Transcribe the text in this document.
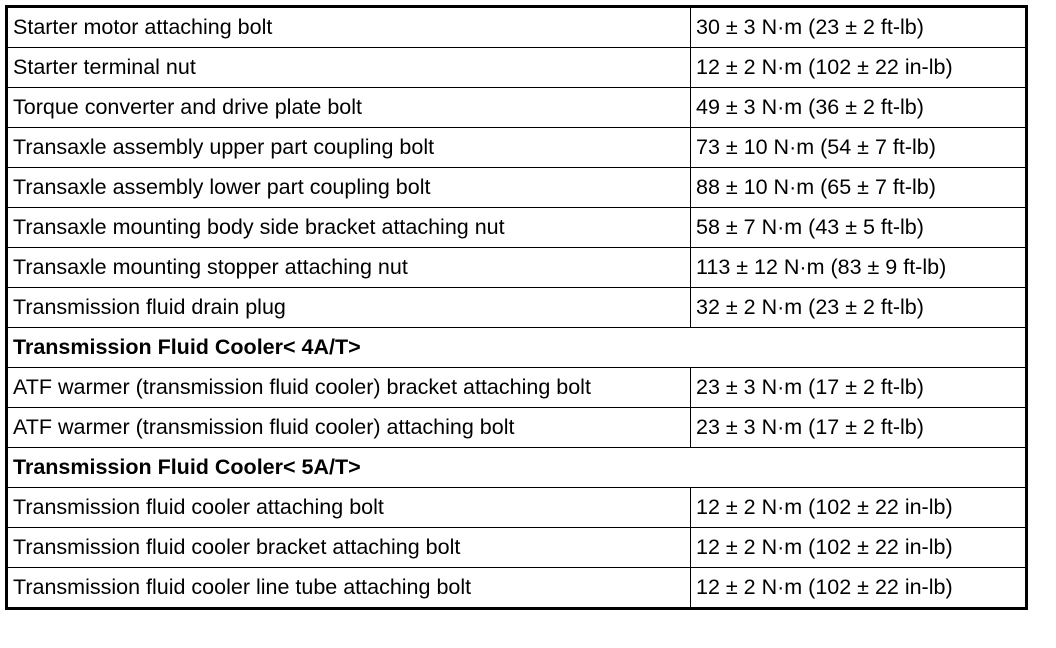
Starter motor attaching bolt	30 ± 3 N·m (23 ± 2 ft-lb)
Starter terminal nut	12 ± 2 N·m (102 ± 22 in-lb)
Torque converter and drive plate bolt	49 ± 3 N·m (36 ± 2 ft-lb)
Transaxle assembly upper part coupling bolt	73 ± 10 N·m (54 ± 7 ft-lb)
Transaxle assembly lower part coupling bolt	88 ± 10 N·m (65 ± 7 ft-lb)
Transaxle mounting body side bracket attaching nut	58 ± 7 N·m (43 ± 5 ft-lb)
Transaxle mounting stopper attaching nut	113 ± 12 N·m (83 ± 9 ft-lb)
Transmission fluid drain plug	32 ± 2 N·m (23 ± 2 ft-lb)
Transmission Fluid Cooler< 4A/T>	
ATF warmer (transmission fluid cooler) bracket attaching bolt	23 ± 3 N·m (17 ± 2 ft-lb)
ATF warmer (transmission fluid cooler) attaching bolt	23 ± 3 N·m (17 ± 2 ft-lb)
Transmission Fluid Cooler< 5A/T>	
Transmission fluid cooler attaching bolt	12 ± 2 N·m (102 ± 22 in-lb)
Transmission fluid cooler bracket attaching bolt	12 ± 2 N·m (102 ± 22 in-lb)
Transmission fluid cooler line tube attaching bolt	12 ± 2 N·m (102 ± 22 in-lb)
